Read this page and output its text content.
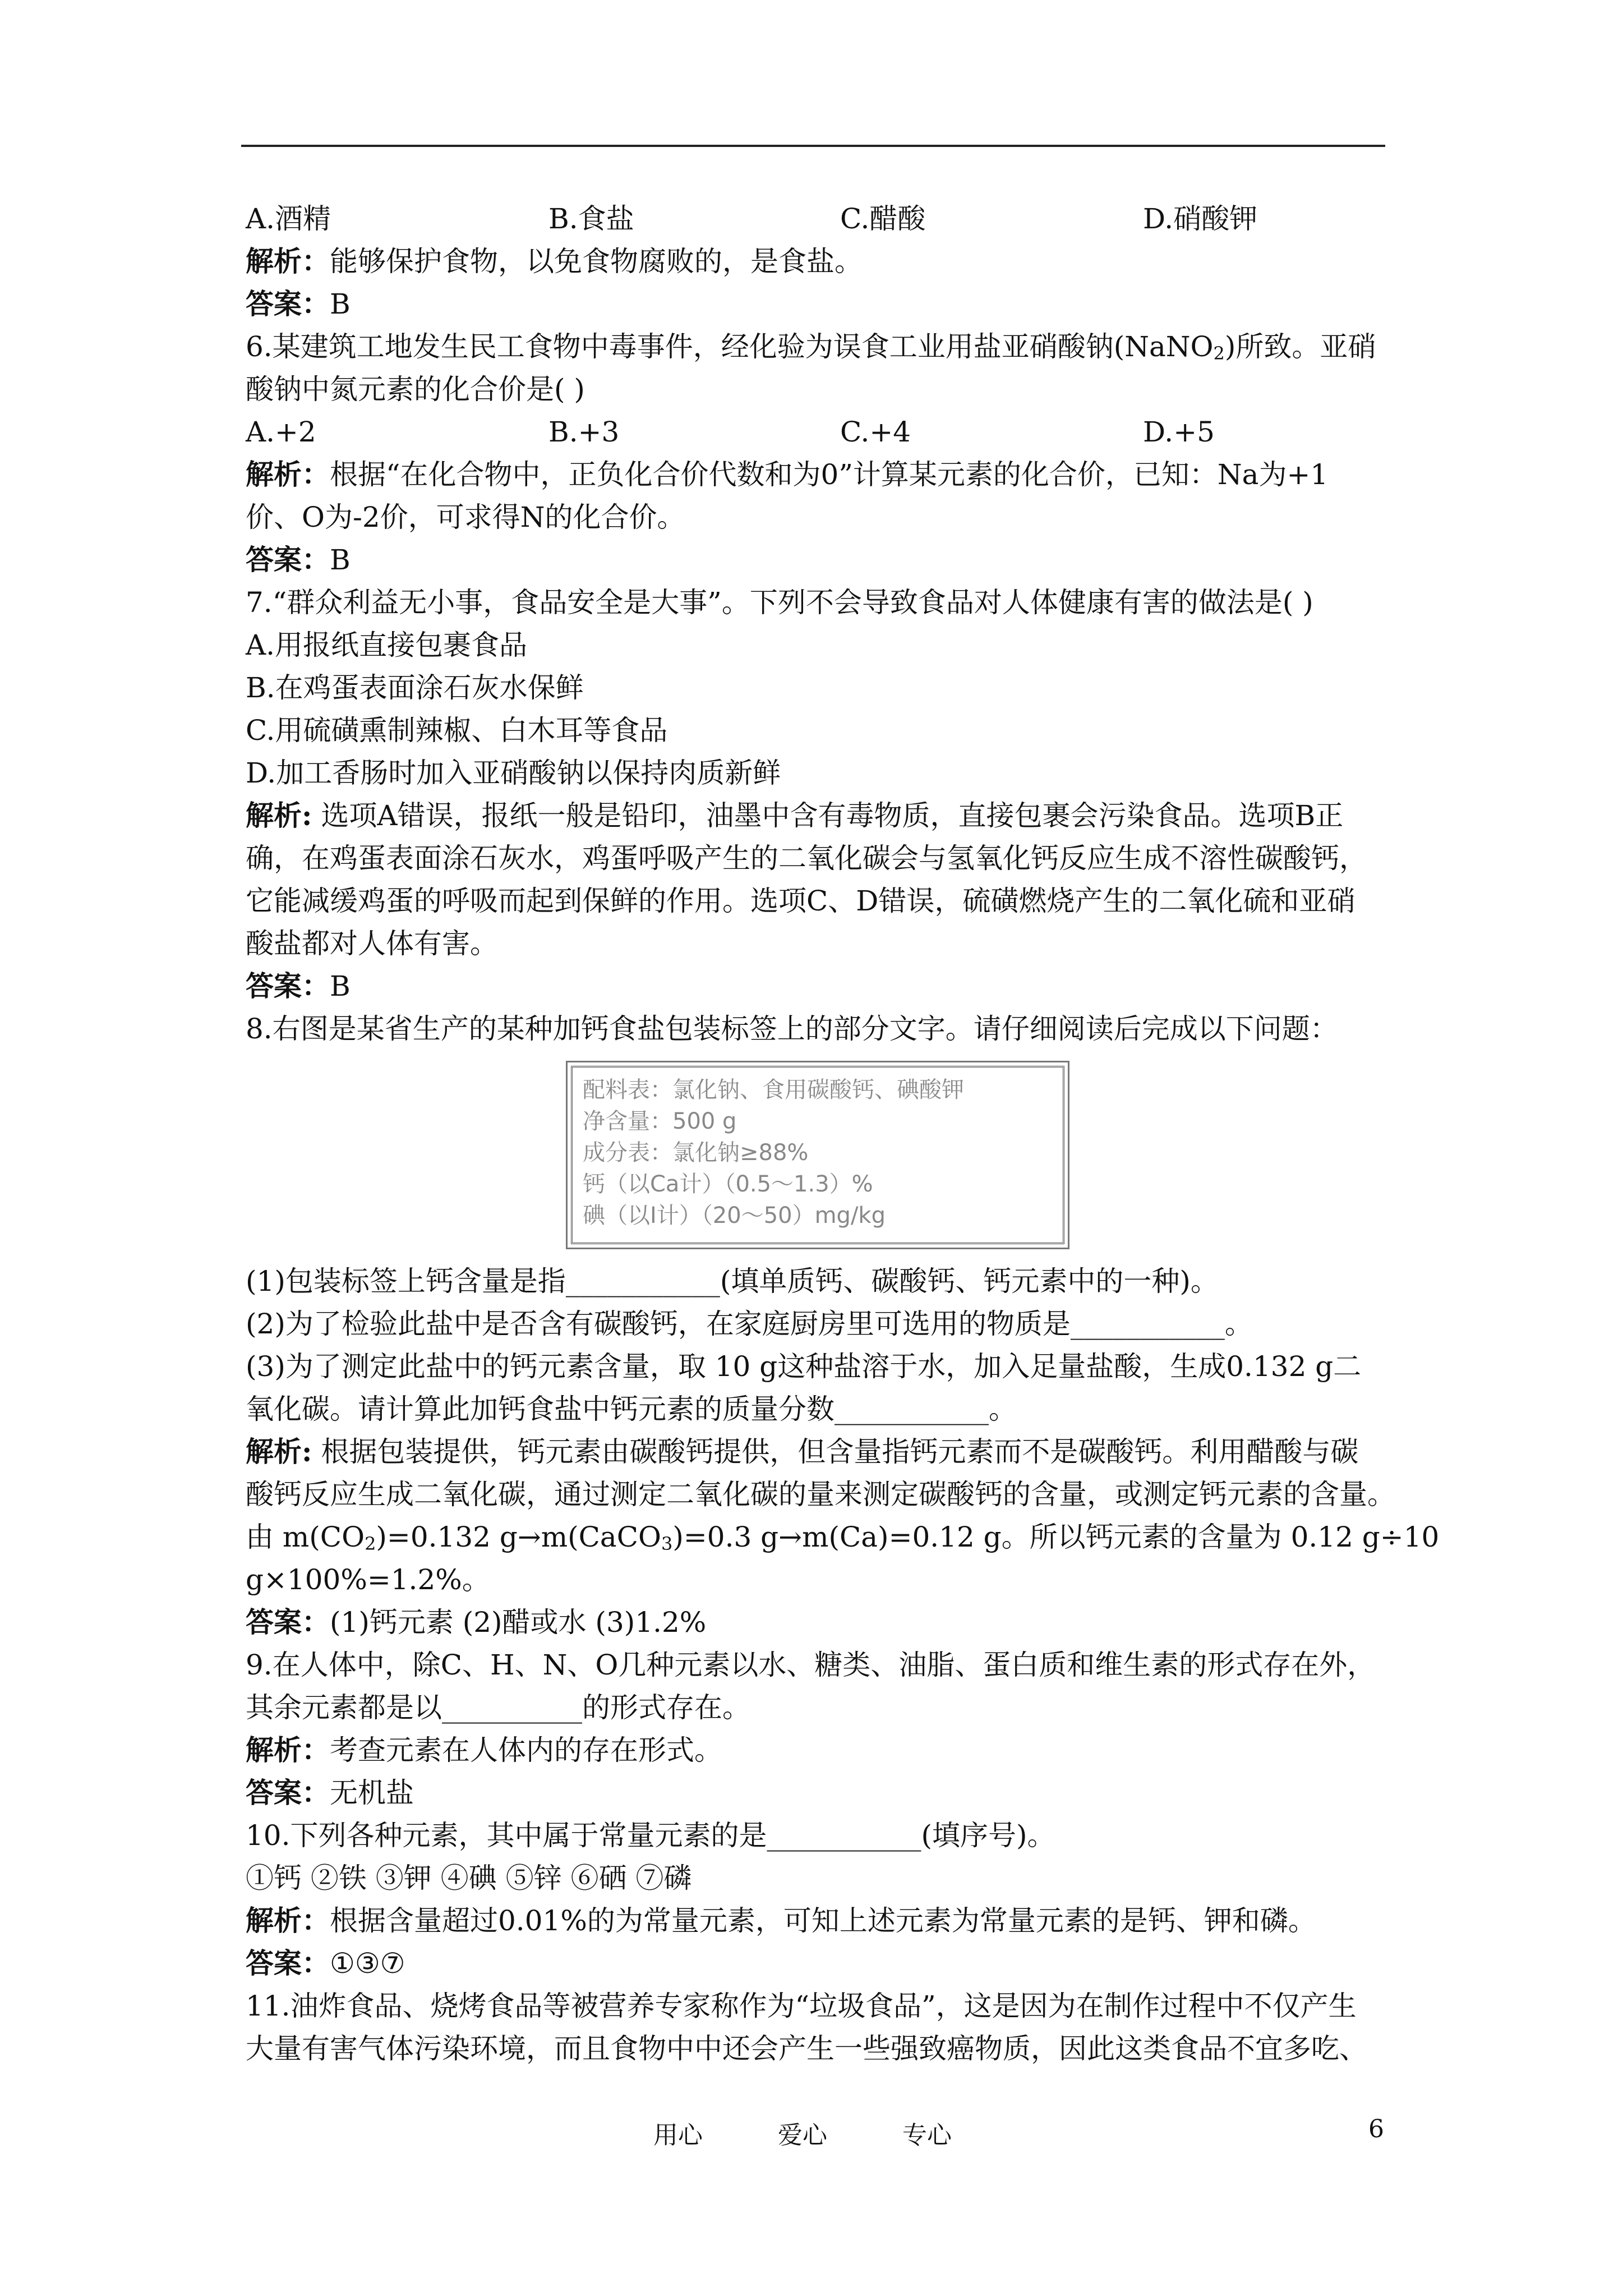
A.酒精	B.食盐	C.醋酸	D.硝酸钾
解析：能够保护食物，以免食物腐败的，是食盐。
答案：B
6.某建筑工地发生民工食物中毒事件，经化验为误食工业用盐亚硝酸钠(NaNO$_2$)所致。亚硝
酸钠中氮元素的化合价是( )
A.+2	B.+3	C.+4	D.+5
解析：根据“在化合物中，正负化合价代数和为0”计算某元素的化合价，已知：Na为+1
价、O为-2价，可求得N的化合价。
答案：B
7.“群众利益无小事，食品安全是大事”。下列不会导致食品对人体健康有害的做法是( )
A.用报纸直接包裹食品
B.在鸡蛋表面涂石灰水保鲜
C.用硫磺熏制辣椒、白木耳等食品
D.加工香肠时加入亚硝酸钠以保持肉质新鲜
解析: 选项A错误，报纸一般是铅印，油墨中含有毒物质，直接包裹会污染食品。选项B正
确，在鸡蛋表面涂石灰水，鸡蛋呼吸产生的二氧化碳会与氢氧化钙反应生成不溶性碳酸钙，
它能减缓鸡蛋的呼吸而起到保鲜的作用。选项C、D错误，硫磺燃烧产生的二氧化硫和亚硝
酸盐都对人体有害。
答案：B
8.右图是某省生产的某种加钙食盐包装标签上的部分文字。请仔细阅读后完成以下问题：
配料表：氯化钠、食用碳酸钙、碘酸钾
净含量：500 g
成分表：氯化钠≥88%
钙（以Ca计）（0.5～1.3）%
碘（以I计）（20～50）mg/kg
(1)包装标签上钙含量是指___________(填单质钙、碳酸钙、钙元素中的一种)。
(2)为了检验此盐中是否含有碳酸钙，在家庭厨房里可选用的物质是___________。
(3)为了测定此盐中的钙元素含量，取 10 g这种盐溶于水，加入足量盐酸，生成0.132 g二
氧化碳。请计算此加钙食盐中钙元素的质量分数___________。
解析: 根据包装提供，钙元素由碳酸钙提供，但含量指钙元素而不是碳酸钙。利用醋酸与碳
酸钙反应生成二氧化碳，通过测定二氧化碳的量来测定碳酸钙的含量，或测定钙元素的含量。
由 $m(CO_2)=0.132$ g→m(CaCO$_3$)=0.3 g→m(Ca)=0.12 g。所以钙元素的含量为 0.12 g÷10
g×100%=1.2%。
答案：(1)钙元素 (2)醋或水 (3)1.2%
9.在人体中，除C、H、N、O几种元素以水、糖类、油脂、蛋白质和维生素的形式存在外，
其余元素都是以__________的形式存在。
解析：考查元素在人体内的存在形式。
答案：无机盐
10.下列各种元素，其中属于常量元素的是___________(填序号)。
①钙 ②铁 ③钾 ④碘 ⑤锌 ⑥硒 ⑦磷
解析：根据含量超过0.01%的为常量元素，可知上述元素为常量元素的是钙、钾和磷。
答案：①③⑦
11.油炸食品、烧烤食品等被营养专家称作为“垃圾食品”，这是因为在制作过程中不仅产生
大量有害气体污染环境，而且食物中中还会产生一些强致癌物质，因此这类食品不宜多吃、
用心	爱心	专心	6
